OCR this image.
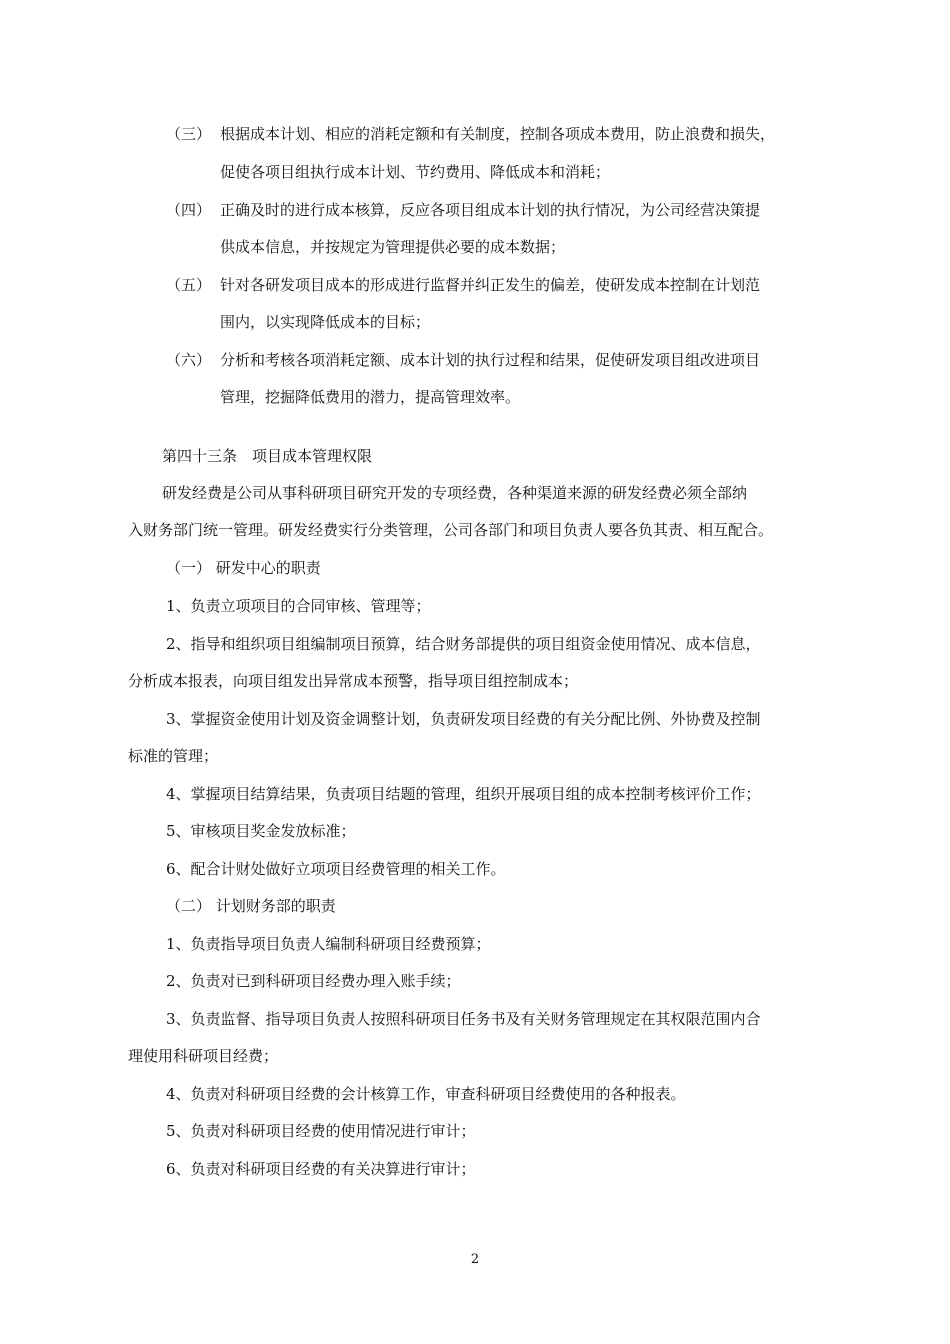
（三） 根据成本计划、相应的消耗定额和有关制度，控制各项成本费用，防止浪费和损失，
促使各项目组执行成本计划、节约费用、降低成本和消耗；
（四） 正确及时的进行成本核算，反应各项目组成本计划的执行情况，为公司经营决策提
供成本信息，并按规定为管理提供必要的成本数据；
（五） 针对各研发项目成本的形成进行监督并纠正发生的偏差，使研发成本控制在计划范
围内，以实现降低成本的目标；
（六） 分析和考核各项消耗定额、成本计划的执行过程和结果，促使研发项目组改进项目
管理，挖掘降低费用的潜力，提高管理效率。
第四十三条　项目成本管理权限
研发经费是公司从事科研项目研究开发的专项经费，各种渠道来源的研发经费必须全部纳
入财务部门统一管理。研发经费实行分类管理，公司各部门和项目负责人要各负其责、相互配合。
（一） 研发中心的职责
1、负责立项项目的合同审核、管理等；
2、指导和组织项目组编制项目预算，结合财务部提供的项目组资金使用情况、成本信息，
分析成本报表，向项目组发出异常成本预警，指导项目组控制成本；
3、掌握资金使用计划及资金调整计划，负责研发项目经费的有关分配比例、外协费及控制
标准的管理；
4、掌握项目结算结果，负责项目结题的管理，组织开展项目组的成本控制考核评价工作；
5、审核项目奖金发放标准；
6、配合计财处做好立项项目经费管理的相关工作。
（二） 计划财务部的职责
1、负责指导项目负责人编制科研项目经费预算；
2、负责对已到科研项目经费办理入账手续；
3、负责监督、指导项目负责人按照科研项目任务书及有关财务管理规定在其权限范围内合
理使用科研项目经费；
4、负责对科研项目经费的会计核算工作，审查科研项目经费使用的各种报表。
5、负责对科研项目经费的使用情况进行审计；
6、负责对科研项目经费的有关决算进行审计；
2
